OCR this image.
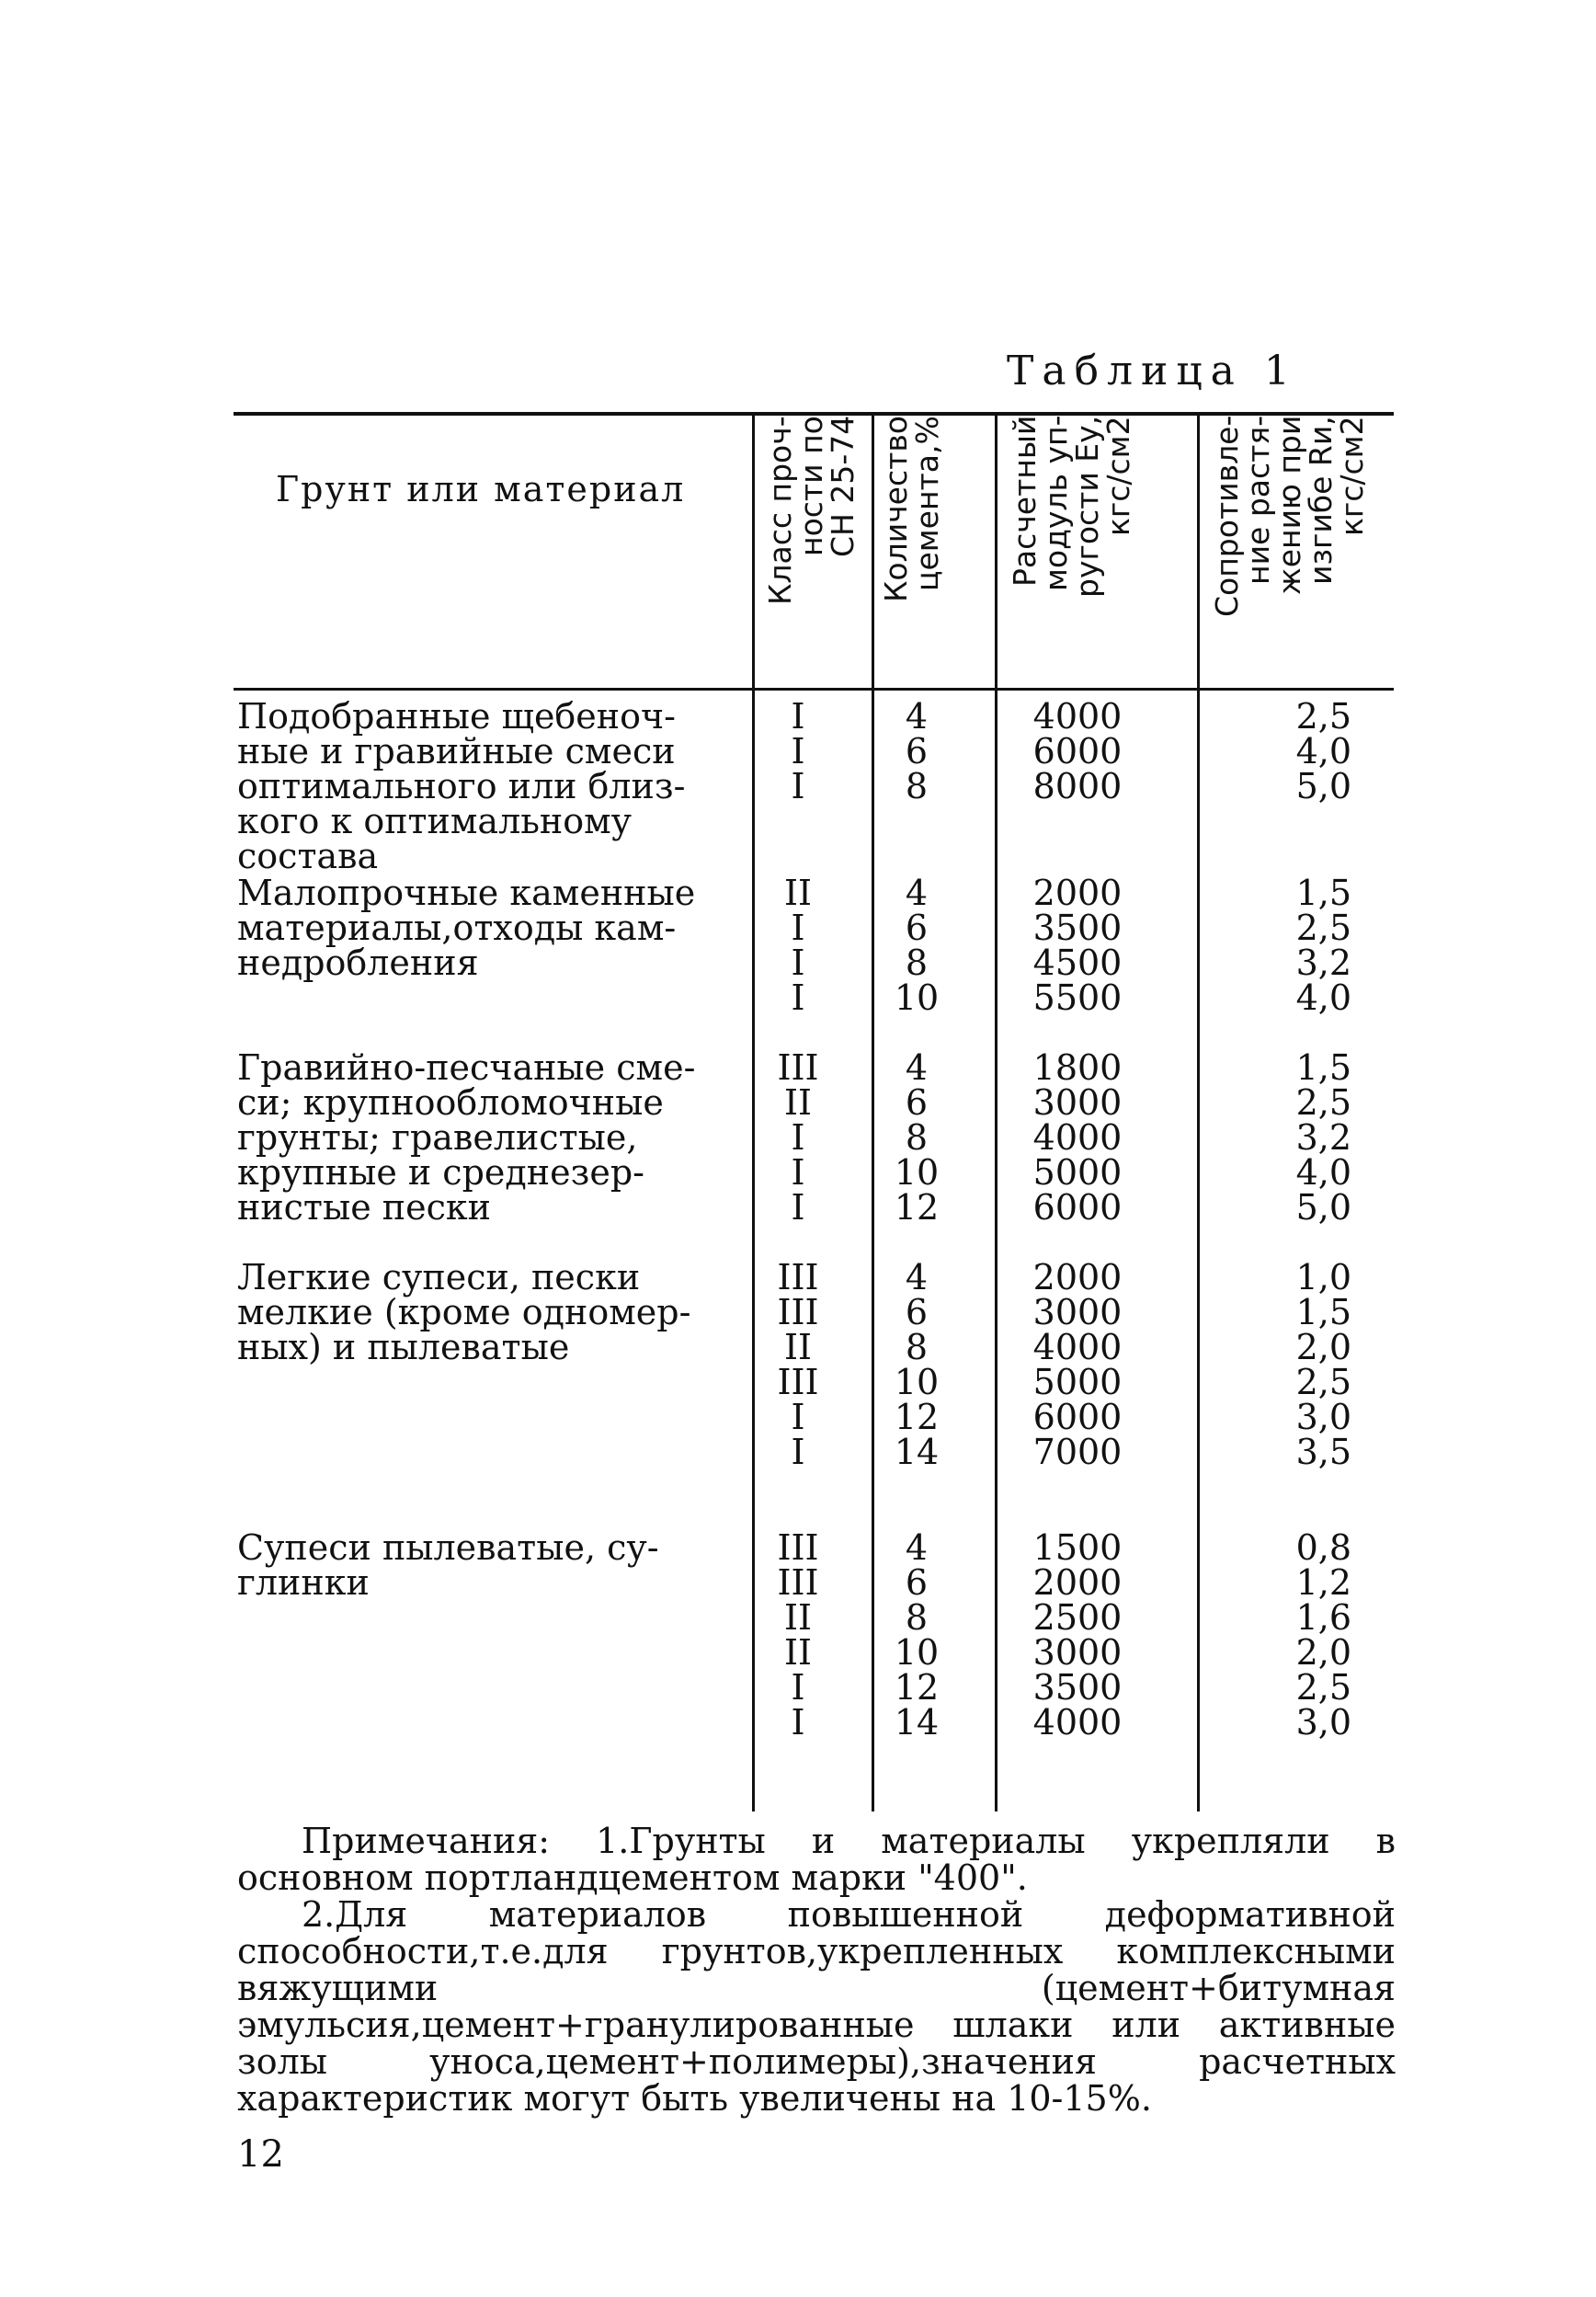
Таблица 1
Грунт или материал
Класс проч-
ности по
СН 25-74 Количество
цемента,%	Расчетный
модуль уп-
ругости Eу,
кгс/см2	Сопротивле-
ние растя-
жению при
изгибе Rи,
кгс/см2
Подобранные щебеноч-
ные и гравийные смеси
оптимального или близ-
кого к оптимальному
состава
I
I
I
4
6
8
4000
6000
8000
2,5
4,0
5,0
Малопрочные каменные
материалы,отходы кам-
недробления
II
I
I
I
4
6
8
10
2000
3500
4500
5500
1,5
2,5
3,2
4,0
Гравийно-песчаные сме-
си; крупнообломочные
грунты; гравелистые,
крупные и среднезер-
нистые пески
III
II
I
I
I
4
6
8
10
12
1800
3000
4000
5000
6000
1,5
2,5
3,2
4,0
5,0
Легкие супеси, пески
мелкие (кроме одномер-
ных) и пылеватые
III
III
II
III
I
I
4
6
8
10
12
14
2000
3000
4000
5000
6000
7000
1,0
1,5
2,0
2,5
3,0
3,5
Супеси пылеватые, су-
глинки
III
III
II
II
I
I
4
6
8
10
12
14
1500
2000
2500
3000
3500
4000
0,8
1,2
1,6
2,0
2,5
3,0

Примечания: 1.Грунты и материалы укрепляли в основном портландцементом марки "400".

2.Для материалов повышенной деформативной способности,т.е.для грунтов,укрепленных комплексными вяжущими (цемент+битумная эмульсия,цемент+гранулированные шлаки или активные золы уноса,цемент+полимеры),значения расчетных характеристик могут быть увеличены на 10-15%.

12
